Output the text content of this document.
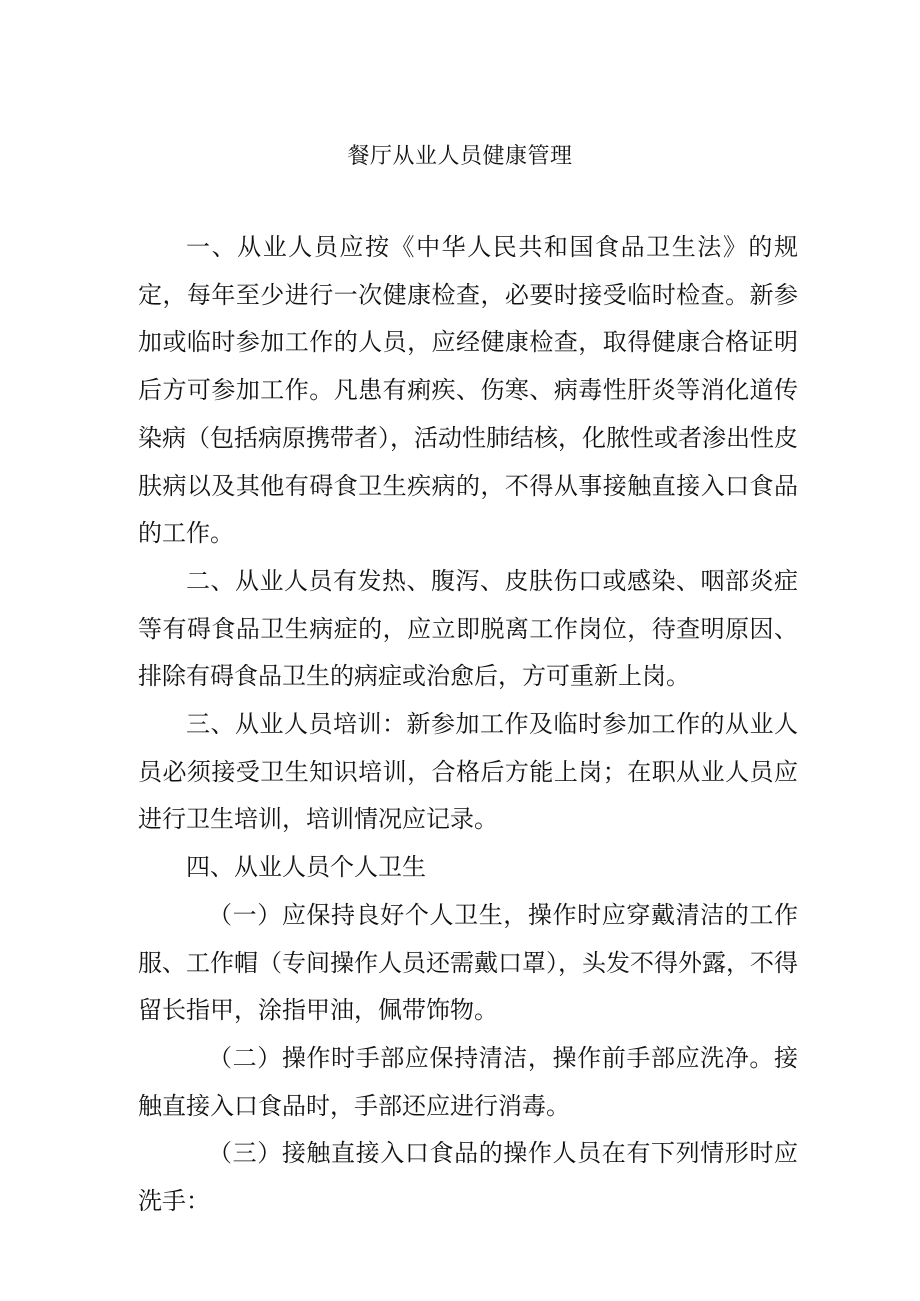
餐厅从业人员健康管理

一、从业人员应按《中华人民共和国食品卫生法》的规定，每年至少进行一次健康检查，必要时接受临时检查。新参加或临时参加工作的人员，应经健康检查，取得健康合格证明后方可参加工作。凡患有痢疾、伤寒、病毒性肝炎等消化道传染病（包括病原携带者），活动性肺结核，化脓性或者渗出性皮肤病以及其他有碍食卫生疾病的，不得从事接触直接入口食品的工作。

二、从业人员有发热、腹泻、皮肤伤口或感染、咽部炎症等有碍食品卫生病症的，应立即脱离工作岗位，待查明原因、排除有碍食品卫生的病症或治愈后，方可重新上岗。

三、从业人员培训：新参加工作及临时参加工作的从业人员必须接受卫生知识培训，合格后方能上岗；在职从业人员应进行卫生培训，培训情况应记录。

四、从业人员个人卫生

（一）应保持良好个人卫生，操作时应穿戴清洁的工作服、工作帽（专间操作人员还需戴口罩），头发不得外露，不得留长指甲，涂指甲油，佩带饰物。

（二）操作时手部应保持清洁，操作前手部应洗净。接触直接入口食品时，手部还应进行消毒。

（三）接触直接入口食品的操作人员在有下列情形时应洗手：
